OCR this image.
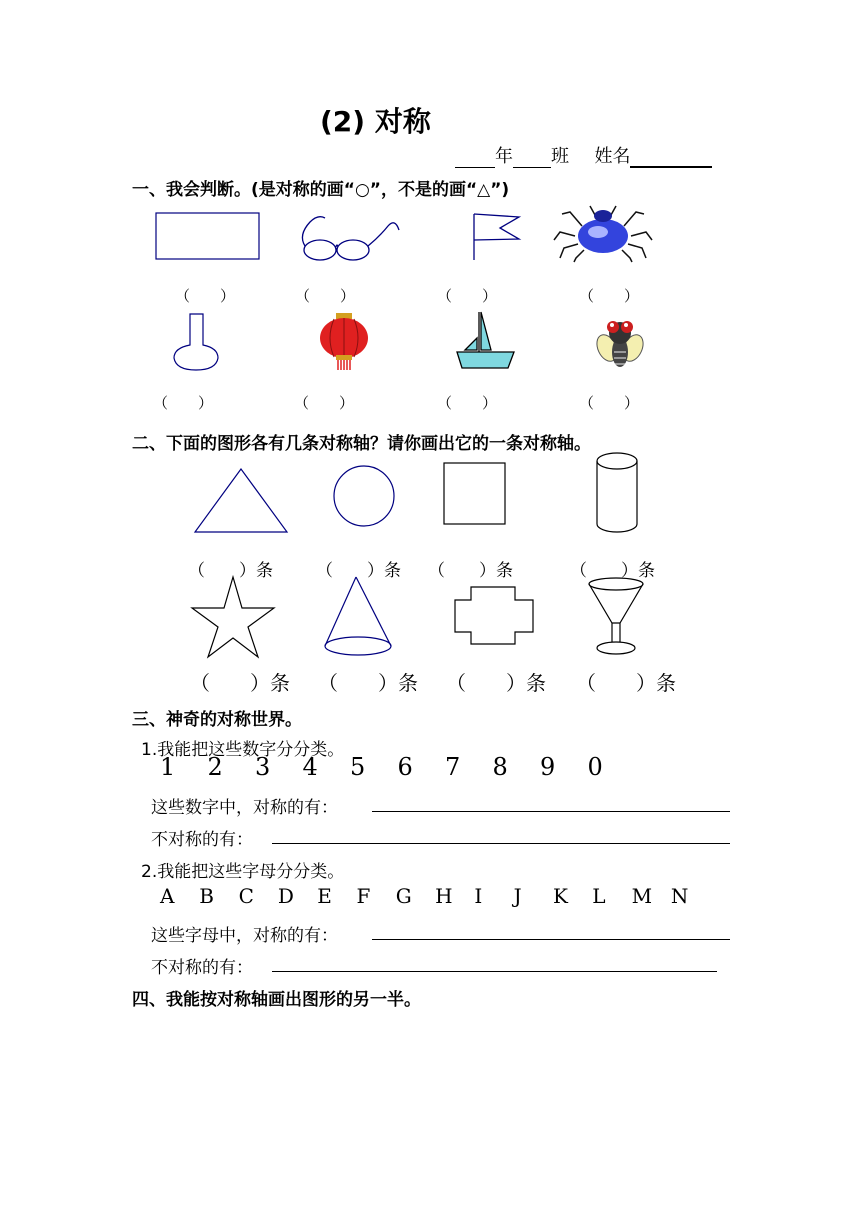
(2) 对称
年 班 姓名
一、我会判断。(是对称的画“○”，不是的画“△”)
（　　）	（　　）	（　　）	（　　）
（　　）	（　　）	（　　）	（　　）
二、下面的图形各有几条对称轴？请你画出它的一条对称轴。
（　　）条	（　　）条 （　　）条	（　　）条
（　　）条 （　　）条 （　　）条 （　　）条
三、神奇的对称世界。
1.我能把这些数字分分类。
1 2 3 4 5 6 7 8 9 0
这些数字中，对称的有：
不对称的有：
2.我能把这些字母分分类。
A B C D E F G H I J K L M N
这些字母中，对称的有：
不对称的有：
四、我能按对称轴画出图形的另一半。
